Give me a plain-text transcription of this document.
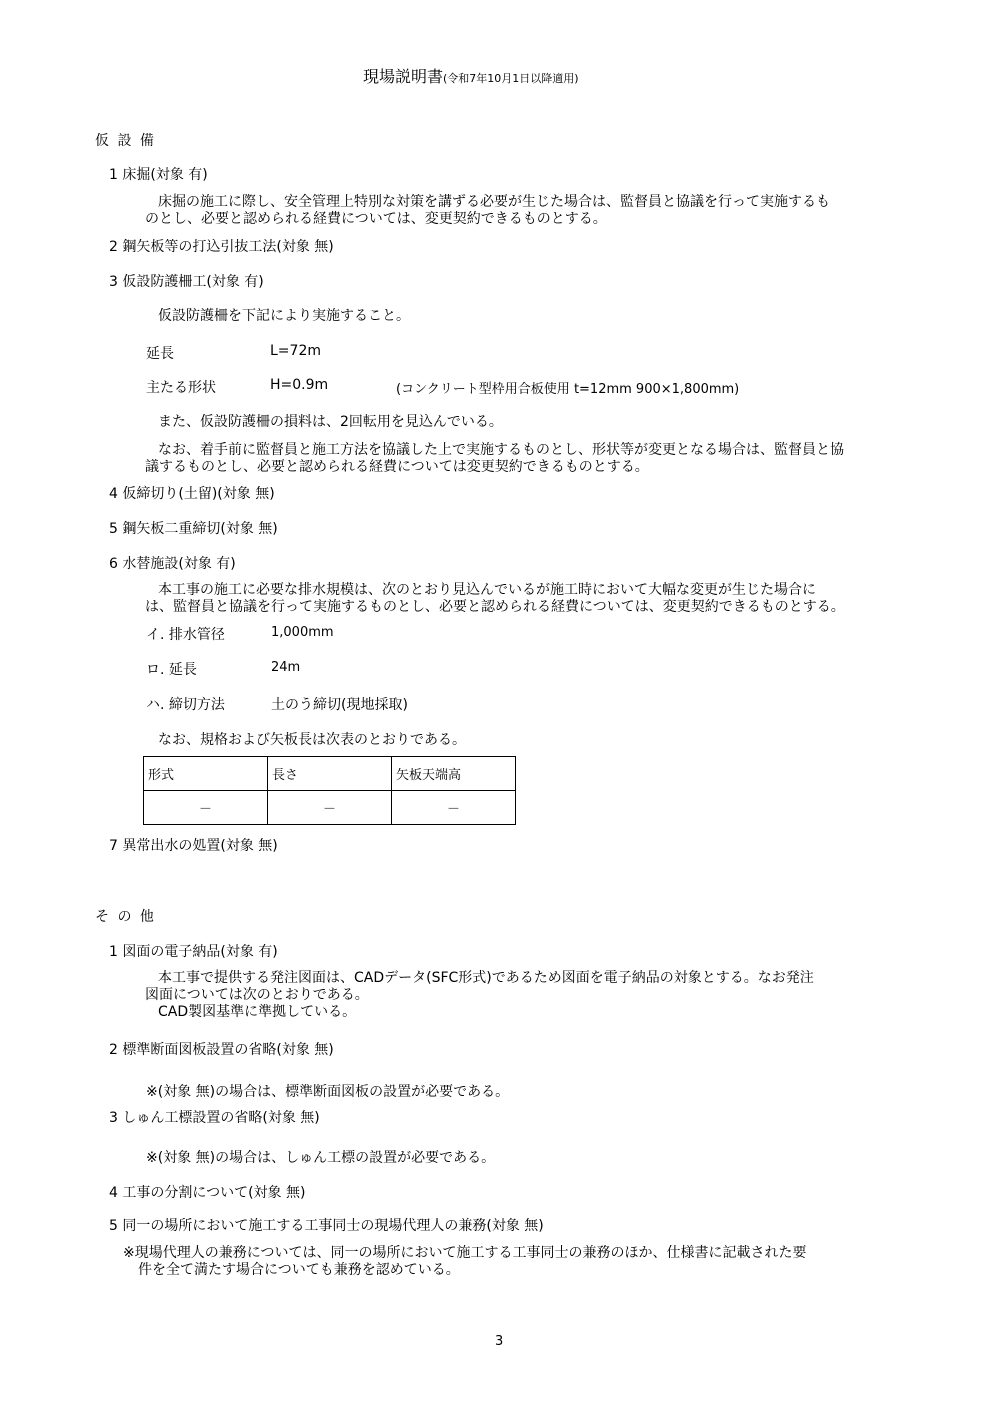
現場説明書(令和7年10月1日以降適用)
仮 設 備
1 床掘(対象 有)
床掘の施工に際し、安全管理上特別な対策を講ずる必要が生じた場合は、監督員と協議を行って実施するも
のとし、必要と認められる経費については、変更契約できるものとする。
2 鋼矢板等の打込引抜工法(対象 無)
3 仮設防護柵工(対象 有)
仮設防護柵を下記により実施すること。
延長	L=72m
主たる形状	H=0.9m	(コンクリート型枠用合板使用 t=12mm 900×1,800mm)
また、仮設防護柵の損料は、2回転用を見込んでいる。
なお、着手前に監督員と施工方法を協議した上で実施するものとし、形状等が変更となる場合は、監督員と協
議するものとし、必要と認められる経費については変更契約できるものとする。
4 仮締切り(土留)(対象 無)
5 鋼矢板二重締切(対象 無)
6 水替施設(対象 有)
本工事の施工に必要な排水規模は、次のとおり見込んでいるが施工時において大幅な変更が生じた場合に
は、監督員と協議を行って実施するものとし、必要と認められる経費については、変更契約できるものとする。
イ. 排水管径	1,000mm
ロ. 延長	24m
ハ. 締切方法	土のう締切(現地採取)
なお、規格および矢板長は次表のとおりである。
形式	長さ	矢板天端高
－	－	－
7 異常出水の処置(対象 無)
そ の 他
1 図面の電子納品(対象 有)
本工事で提供する発注図面は、CADデータ(SFC形式)であるため図面を電子納品の対象とする。なお発注
図面については次のとおりである。
CAD製図基準に準拠している。
2 標準断面図板設置の省略(対象 無)
※(対象 無)の場合は、標準断面図板の設置が必要である。
3 しゅん工標設置の省略(対象 無)
※(対象 無)の場合は、しゅん工標の設置が必要である。
4 工事の分割について(対象 無)
5 同一の場所において施工する工事同士の現場代理人の兼務(対象 無)
※現場代理人の兼務については、同一の場所において施工する工事同士の兼務のほか、仕様書に記載された要
件を全て満たす場合についても兼務を認めている。
3
